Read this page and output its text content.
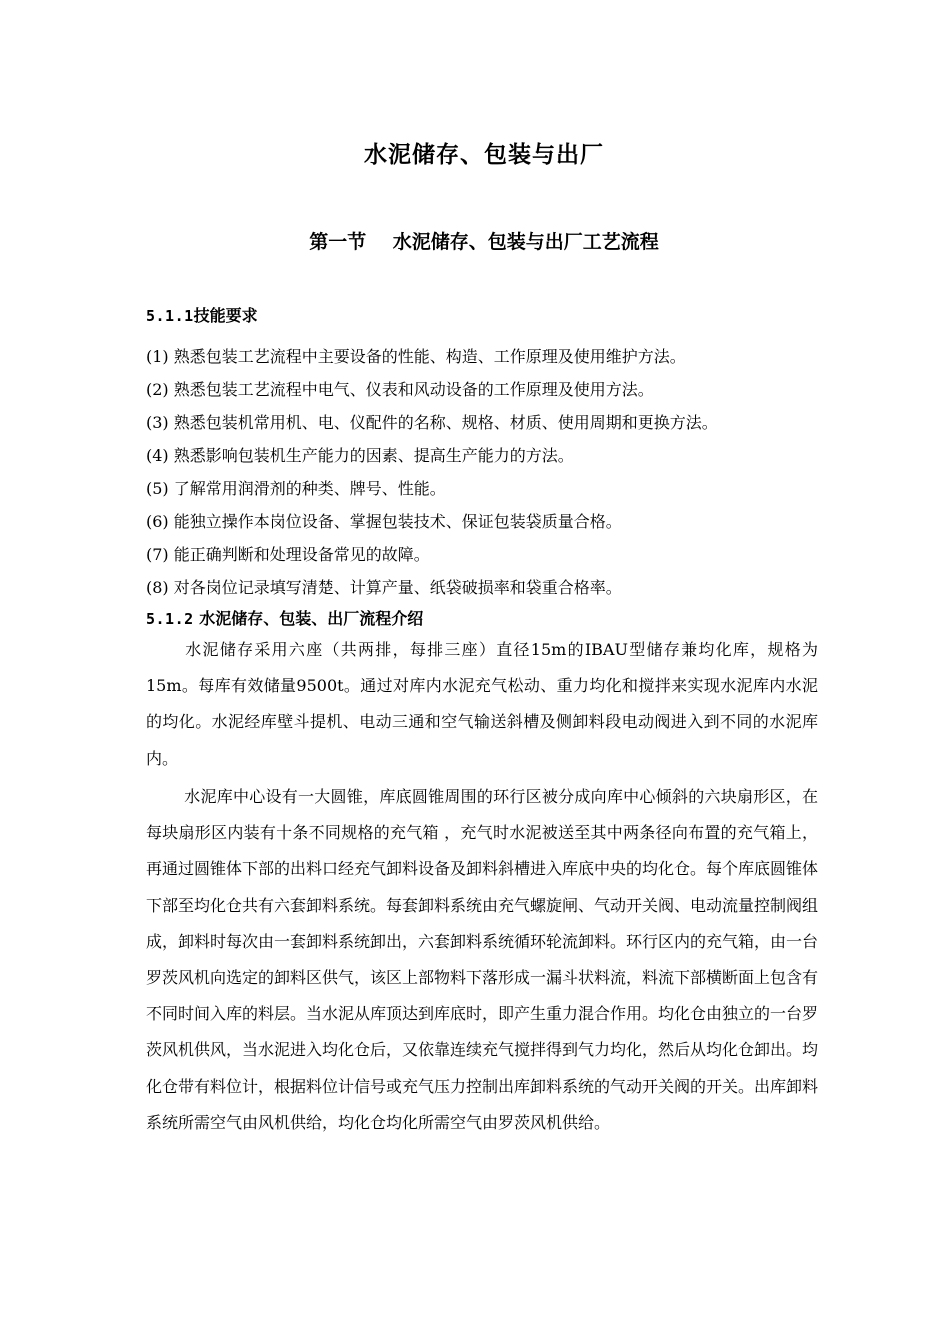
水泥储存、包装与出厂
第一节    水泥储存、包装与出厂工艺流程
5.1.1技能要求
(1) 熟悉包装工艺流程中主要设备的性能、构造、工作原理及使用维护方法。
(2) 熟悉包装工艺流程中电气、仪表和风动设备的工作原理及使用方法。
(3) 熟悉包装机常用机、电、仪配件的名称、规格、材质、使用周期和更换方法。
(4) 熟悉影响包装机生产能力的因素、提高生产能力的方法。
(5) 了解常用润滑剂的种类、牌号、性能。
(6) 能独立操作本岗位设备、掌握包装技术、保证包装袋质量合格。
(7) 能正确判断和处理设备常见的故障。
(8) 对各岗位记录填写清楚、计算产量、纸袋破损率和袋重合格率。
5.1.2 水泥储存、包装、出厂流程介绍
水泥储存采用六座（共两排，每排三座）直径15m的IBAU型储存兼均化库，规格为15m。每库有效储量9500t。通过对库内水泥充气松动、重力均化和搅拌来实现水泥库内水泥的均化。水泥经库壁斗提机、电动三通和空气输送斜槽及侧卸料段电动阀进入到不同的水泥库内。
水泥库中心设有一大圆锥，库底圆锥周围的环行区被分成向库中心倾斜的六块扇形区，在每块扇形区内装有十条不同规格的充气箱 ，充气时水泥被送至其中两条径向布置的充气箱上，再通过圆锥体下部的出料口经充气卸料设备及卸料斜槽进入库底中央的均化仓。每个库底圆锥体下部至均化仓共有六套卸料系统。每套卸料系统由充气螺旋闸、气动开关阀、电动流量控制阀组成，卸料时每次由一套卸料系统卸出，六套卸料系统循环轮流卸料。环行区内的充气箱，由一台罗茨风机向选定的卸料区供气，该区上部物料下落形成一漏斗状料流，料流下部横断面上包含有不同时间入库的料层。当水泥从库顶达到库底时，即产生重力混合作用。均化仓由独立的一台罗茨风机供风，当水泥进入均化仓后，又依靠连续充气搅拌得到气力均化，然后从均化仓卸出。均化仓带有料位计，根据料位计信号或充气压力控制出库卸料系统的气动开关阀的开关。出库卸料系统所需空气由风机供给，均化仓均化所需空气由罗茨风机供给。
